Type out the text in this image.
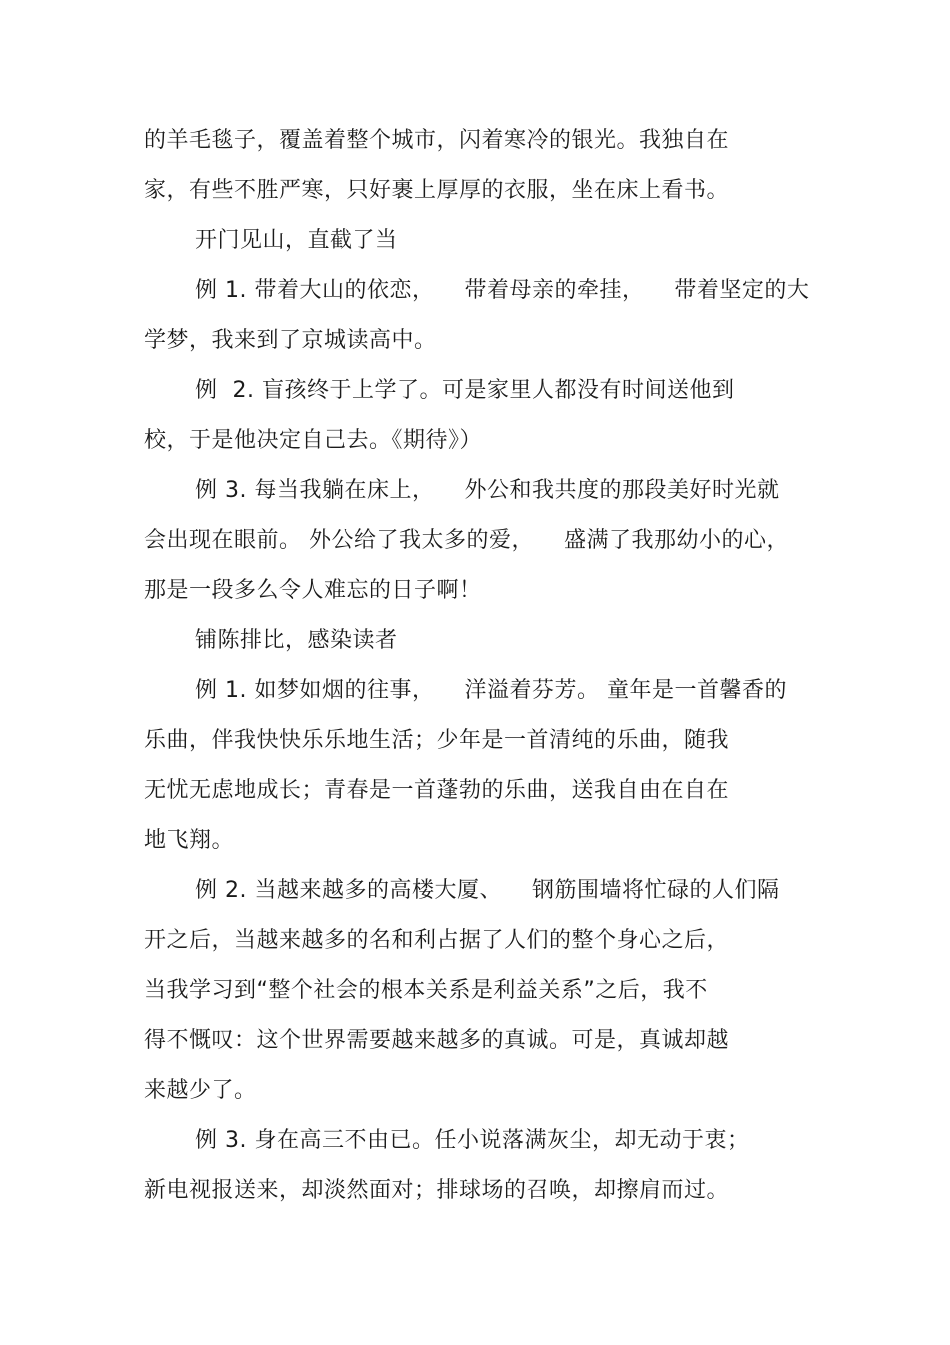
的羊毛毯子，覆盖着整个城市，闪着寒冷的银光。我独自在
家，有些不胜严寒，只好裹上厚厚的衣服，坐在床上看书。
开门见山，直截了当
例 1. 带着大山的依恋，    带着母亲的牵挂，    带着坚定的大
学梦，我来到了京城读高中。
例  2. 盲孩终于上学了。可是家里人都没有时间送他到
校，于是他决定自己去。《期待》）
例 3. 每当我躺在床上，    外公和我共度的那段美好时光就
会出现在眼前。 外公给了我太多的爱，    盛满了我那幼小的心，
那是一段多么令人难忘的日子啊！
铺陈排比，感染读者
例 1. 如梦如烟的往事，    洋溢着芬芳。 童年是一首馨香的
乐曲，伴我快快乐乐地生活；少年是一首清纯的乐曲，随我
无忧无虑地成长；青春是一首蓬勃的乐曲，送我自由在自在
地飞翔。
例 2. 当越来越多的高楼大厦、    钢筋围墙将忙碌的人们隔
开之后，当越来越多的名和利占据了人们的整个身心之后，
当我学习到“整个社会的根本关系是利益关系”之后，我不
得不慨叹：这个世界需要越来越多的真诚。可是，真诚却越
来越少了。
例 3. 身在高三不由已。任小说落满灰尘，却无动于衷；
新电视报送来，却淡然面对；排球场的召唤，却擦肩而过。
